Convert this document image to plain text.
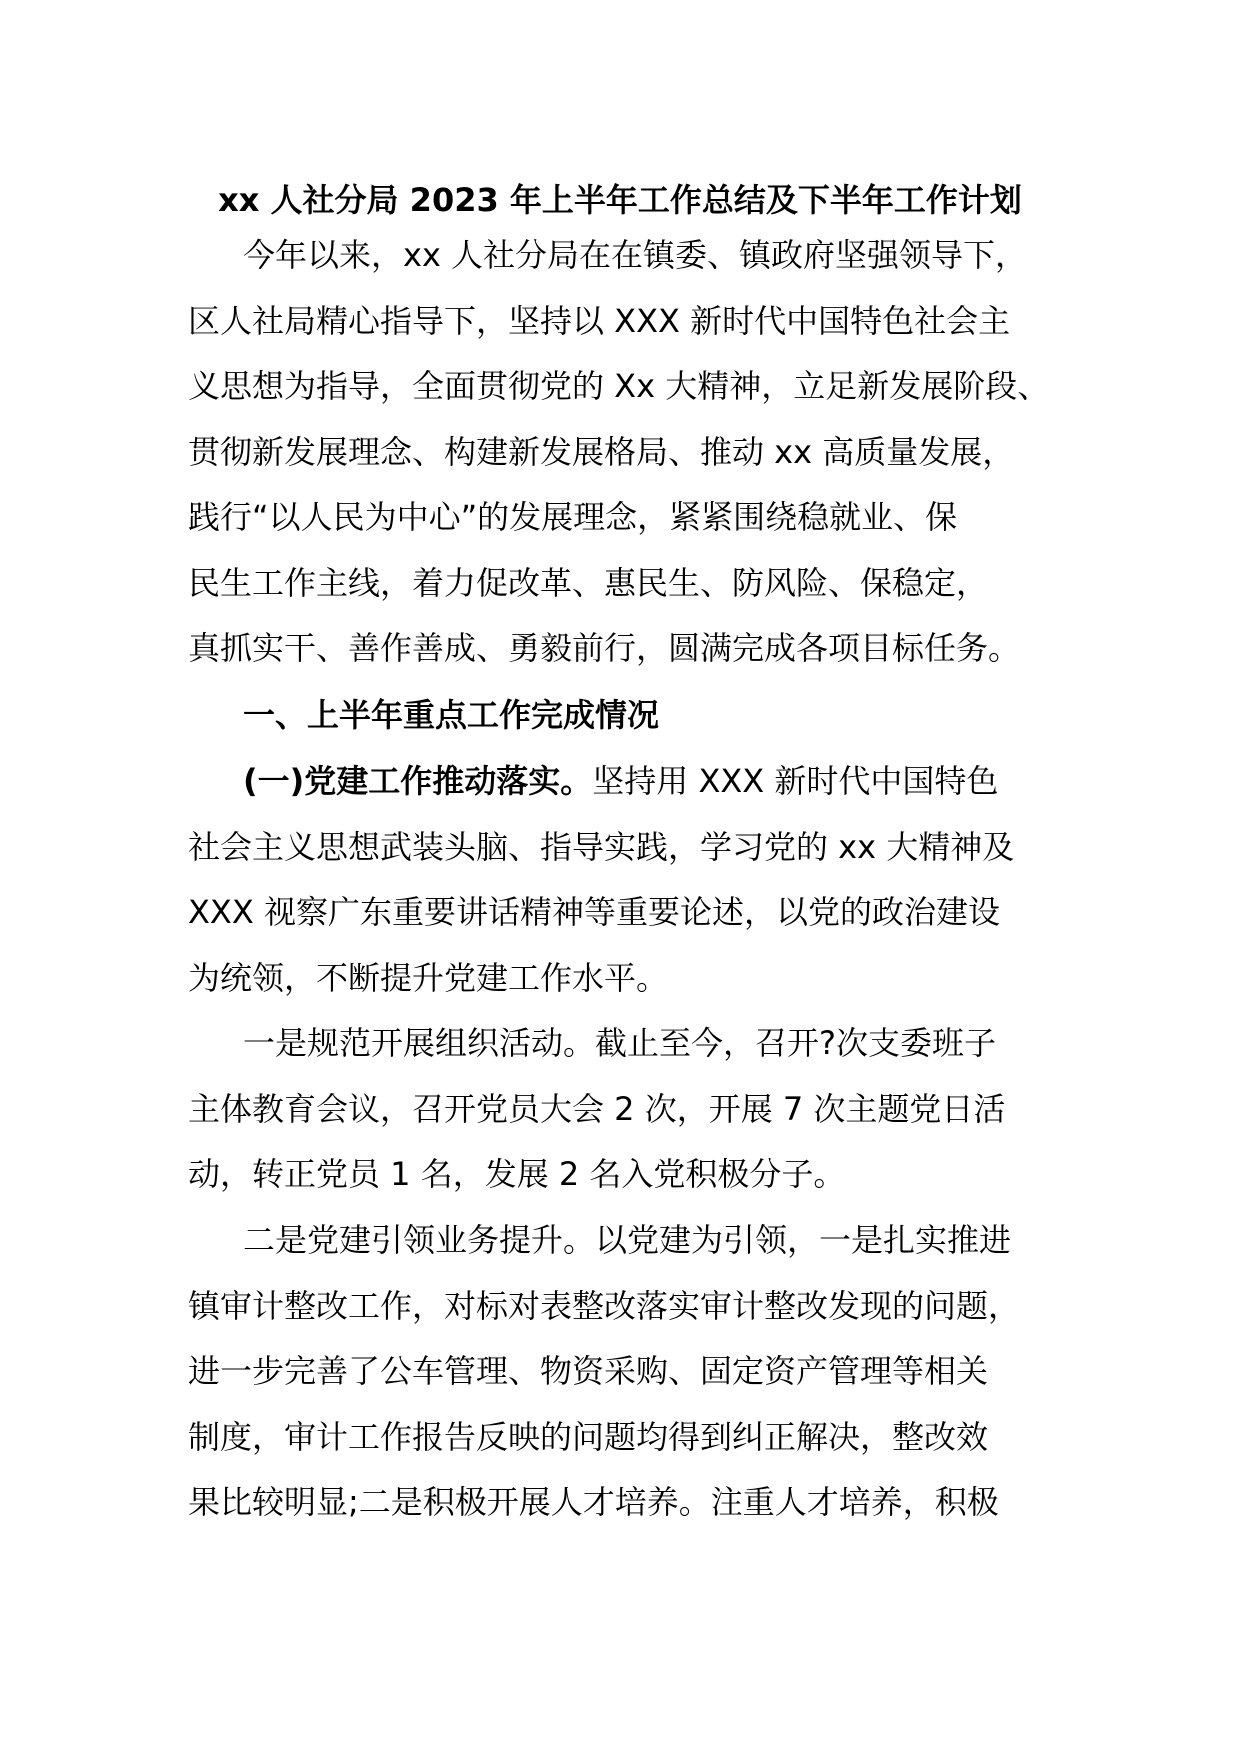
xx 人社分局 2023 年上半年工作总结及下半年工作计划
今年以来，xx 人社分局在在镇委、镇政府坚强领导下，
区人社局精心指导下，坚持以 XXX 新时代中国特色社会主
义思想为指导，全面贯彻党的 Xx 大精神，立足新发展阶段、
贯彻新发展理念、构建新发展格局、推动 xx 高质量发展，
践行“以人民为中心”的发展理念，紧紧围绕稳就业、保
民生工作主线，着力促改革、惠民生、防风险、保稳定，
真抓实干、善作善成、勇毅前行，圆满完成各项目标任务。
一、上半年重点工作完成情况
(一)党建工作推动落实。坚持用 XXX 新时代中国特色
社会主义思想武装头脑、指导实践，学习党的 xx 大精神及
XXX 视察广东重要讲话精神等重要论述，以党的政治建设
为统领，不断提升党建工作水平。
一是规范开展组织活动。截止至今，召开?次支委班子
主体教育会议，召开党员大会 2 次，开展 7 次主题党日活
动，转正党员 1 名，发展 2 名入党积极分子。
二是党建引领业务提升。以党建为引领，一是扎实推进
镇审计整改工作，对标对表整改落实审计整改发现的问题，
进一步完善了公车管理、物资采购、固定资产管理等相关
制度，审计工作报告反映的问题均得到纠正解决，整改效
果比较明显;二是积极开展人才培养。注重人才培养，积极
